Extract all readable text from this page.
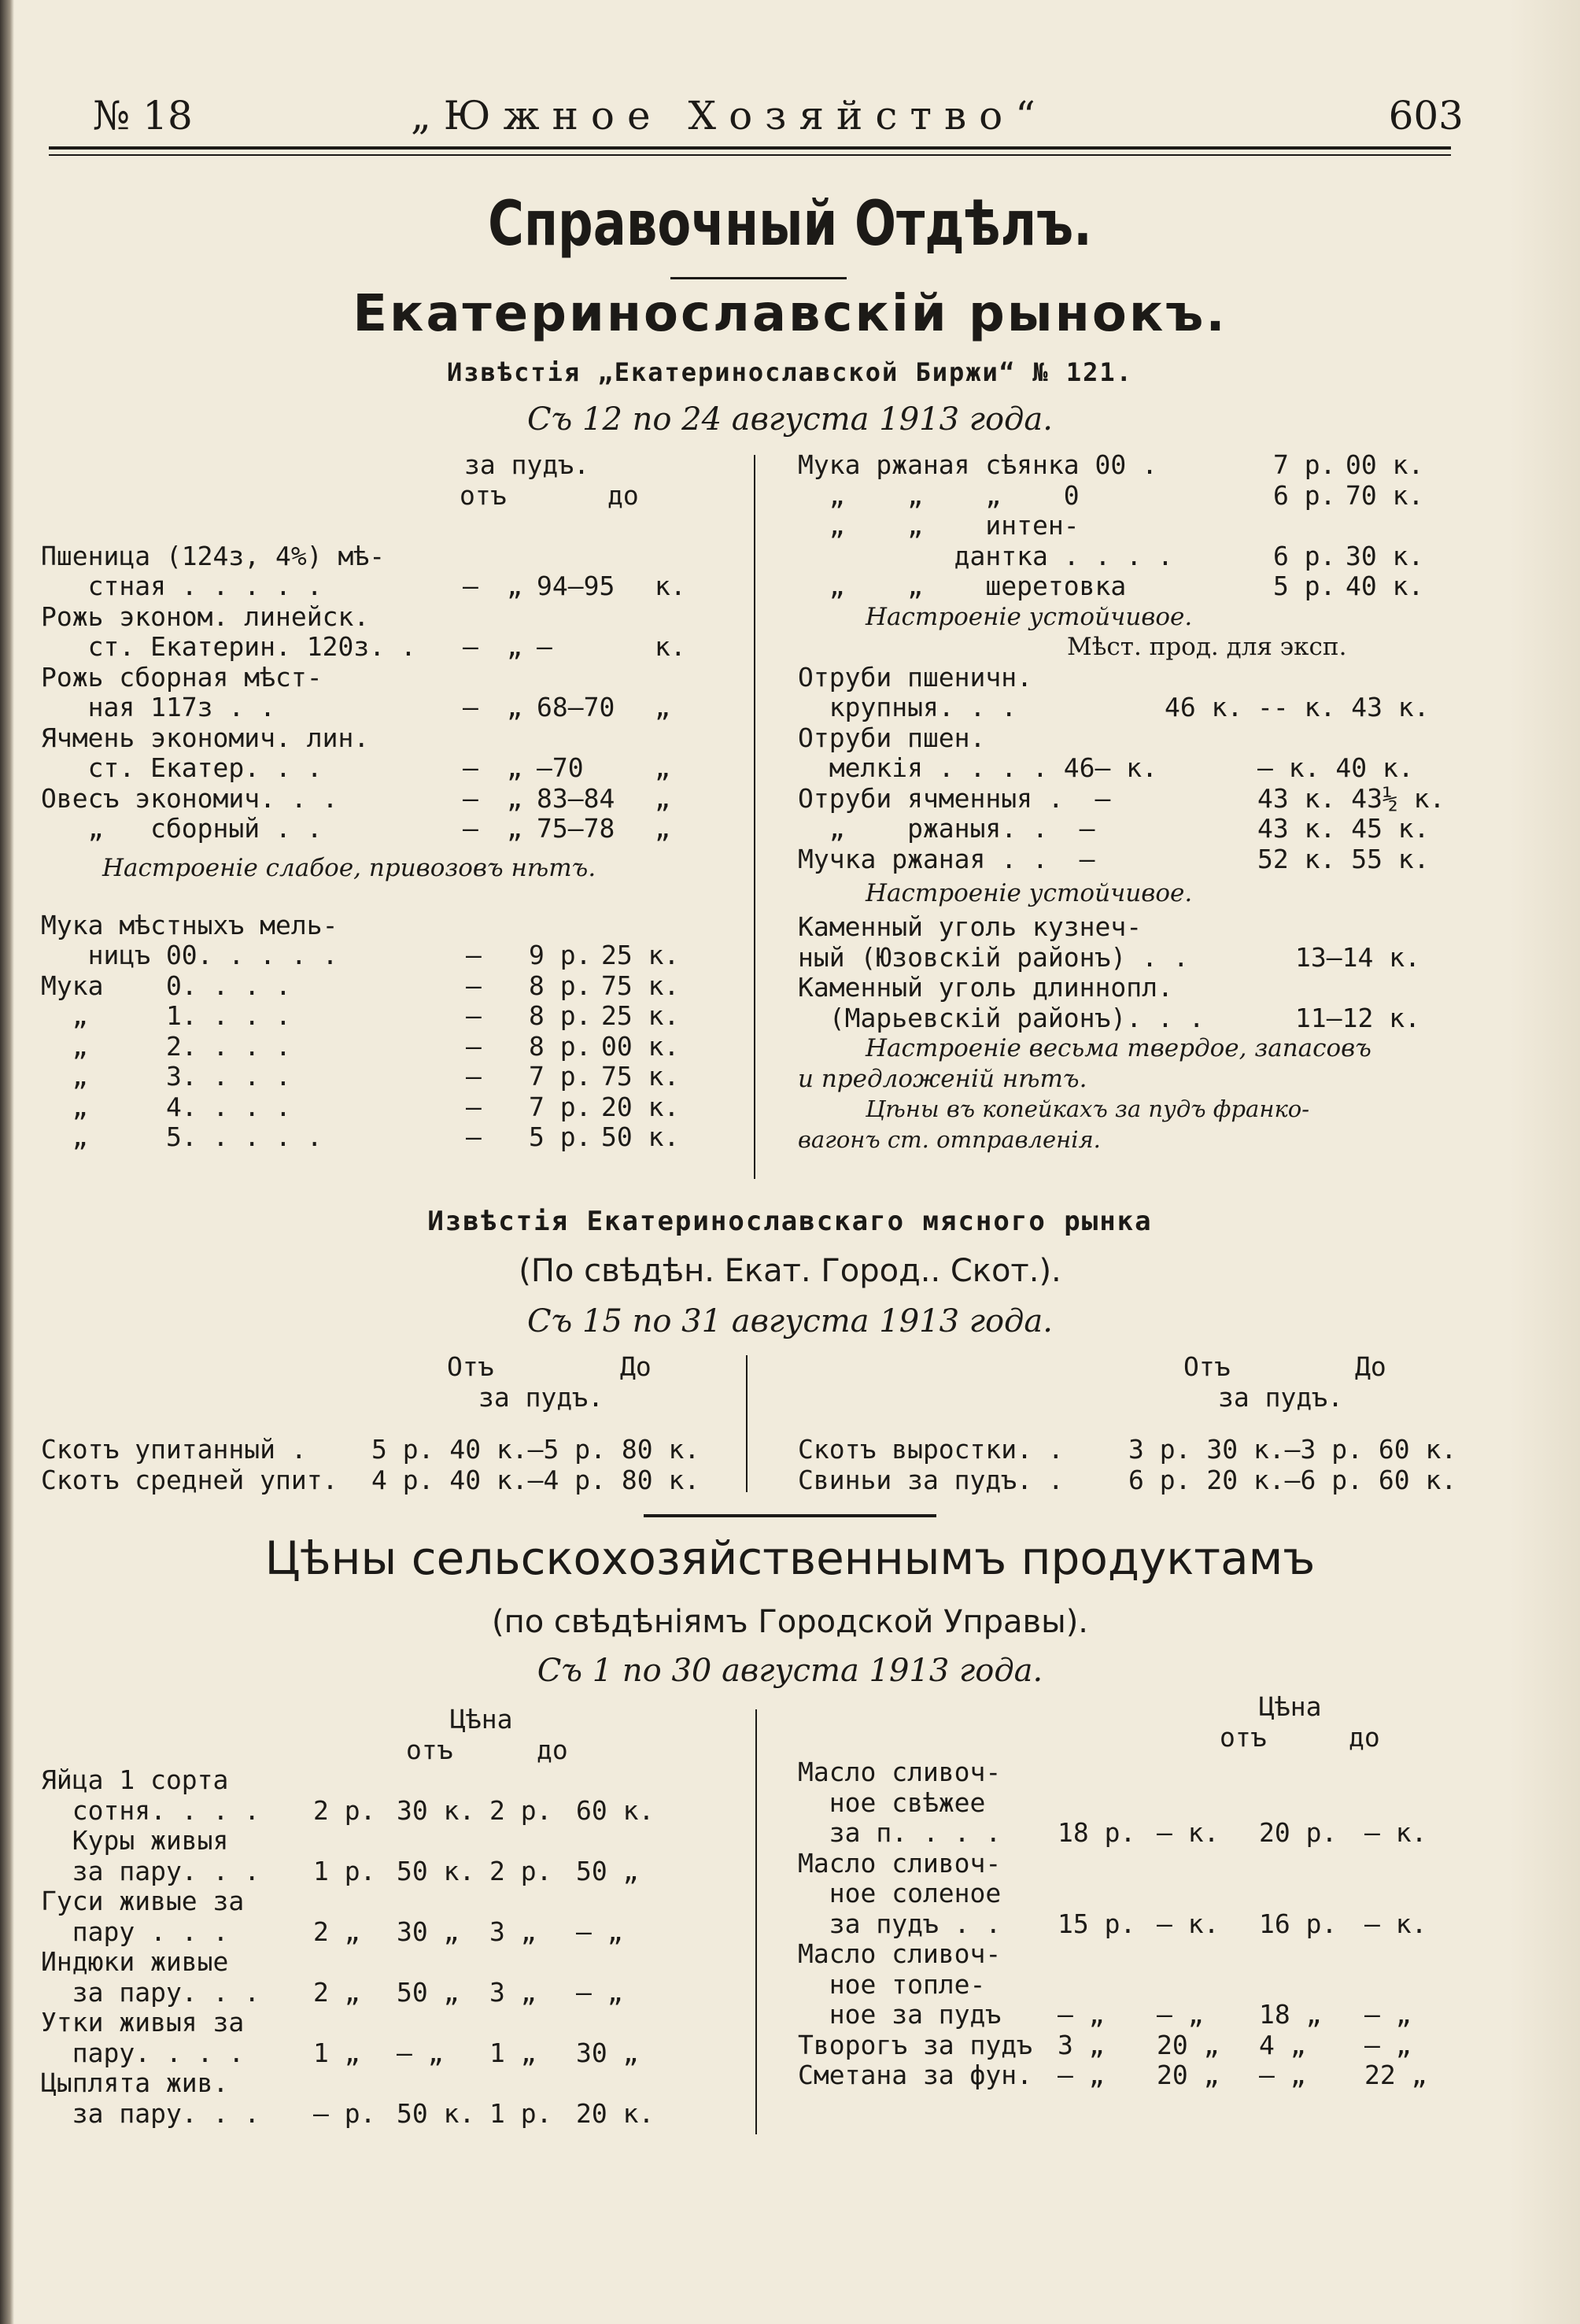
№ 18	„Южное Хозяйство“	603
Справочный Отдѣлъ.
Екатеринославскій рынокъ.
Извѣстія „Екатеринославской Биржи“ № 121.
Съ 12 по 24 августа 1913 года.
за пудъ.
отъ	до
Пшеница (124з, 4%) мѣ-
стная . . . . .	— „ 94—95 к.
Рожь эконом. линейск.
ст. Екатерин. 120з. . — „ —	к.
Рожь сборная мѣст-
ная 117з . .	— „ 68—70 „
Ячмень экономич. лин.
ст. Екатер. . .	— „ —70	„
Овесъ экономич. . .	— „ 83—84 „
„   сборный . .	— „ 75—78 „
Настроеніе слабое, привозовъ нѣтъ.
Мука мѣстныхъ мель-
ницъ 00. . . . .	— 9 р. 25 к.
Мука    0. . . .	— 8 р. 75 к.
„     1. . . .	— 8 р. 25 к.
„     2. . . .	— 8 р. 00 к.
„     3. . . .	— 7 р. 75 к.
„     4. . . .	— 7 р. 20 к.
„     5. . . . .	— 5 р. 50 к.
Мука ржаная сѣянка 00 .	7 р. 00 к.
„    „    „    0	6 р. 70 к.
„    „    интен-
дантка . . . .	6 р. 30 к.
„    „    шеретовка	5 р. 40 к.
Настроеніе устойчивое.
Мѣст. прод. для эксп.
Отруби пшеничн.
крупныя. . .	46 к. -- к. 43 к.
Отруби пшен.
мелкія . . . . 46— к.	— к. 40 к.
Отруби ячменныя .  —	43 к. 43½ к.
„    ржаныя. .  —	43 к. 45 к.
Мучка ржаная . .  —	52 к. 55 к.
Настроеніе устойчивое.
Каменный уголь кузнеч-
ный (Юзовскій районъ) . .	13—14 к.
Каменный уголь длиннопл.
(Марьевскій районъ). . .	11—12 к.
Настроеніе весьма твердое, запасовъ
и предложеній нѣтъ.
Цѣны въ копейкахъ за пудъ франко-
вагонъ ст. отправленія.
Извѣстія Екатеринославскаго мясного рынка
(По свѣдѣн. Екат. Город.. Скот.).
Съ 15 по 31 августа 1913 года.
Отъ	До
за пудъ.
Скотъ упитанный . 5 р. 40 к.—5 р. 80 к.
Скотъ средней упит. 4 р. 40 к.—4 р. 80 к.
Отъ	До
за пудъ.
Скотъ выростки. . 3 р. 30 к.—3 р. 60 к.
Свиньи за пудъ. . 6 р. 20 к.—6 р. 60 к.
Цѣны сельскохозяйственнымъ продуктамъ
(по свѣдѣніямъ Городской Управы).
Съ 1 по 30 августа 1913 года.
Цѣна
отъ	до
Яйца 1 сорта
сотня. . . . 2 р. 30 к. 2 р. 60 к.
Куры живыя
за пару. . . 1 р. 50 к. 2 р. 50 „
Гуси живые за
пару . . .	2 „ 30 „ 3 „ — „
Индюки живые
за пару. . . 2 „ 50 „ 3 „ — „
Утки живыя за
пару. . . .	1 „ — „ 1 „ 30 „
Цыплята жив.
за пару. . . — р. 50 к. 1 р. 20 к.
Цѣна
отъ	до
Масло сливоч-
ное свѣжее
за п. . . . 18 р. — к. 20 р. — к.
Масло сливоч-
ное соленое
за пудъ . . 15 р. — к. 16 р. — к.
Масло сливоч-
ное топле-
ное за пудъ — „ — „ 18 „ — „
Творогъ за пудъ 3 „ 20 „ 4 „ — „
Сметана за фун. — „ 20 „ — „ 22 „
